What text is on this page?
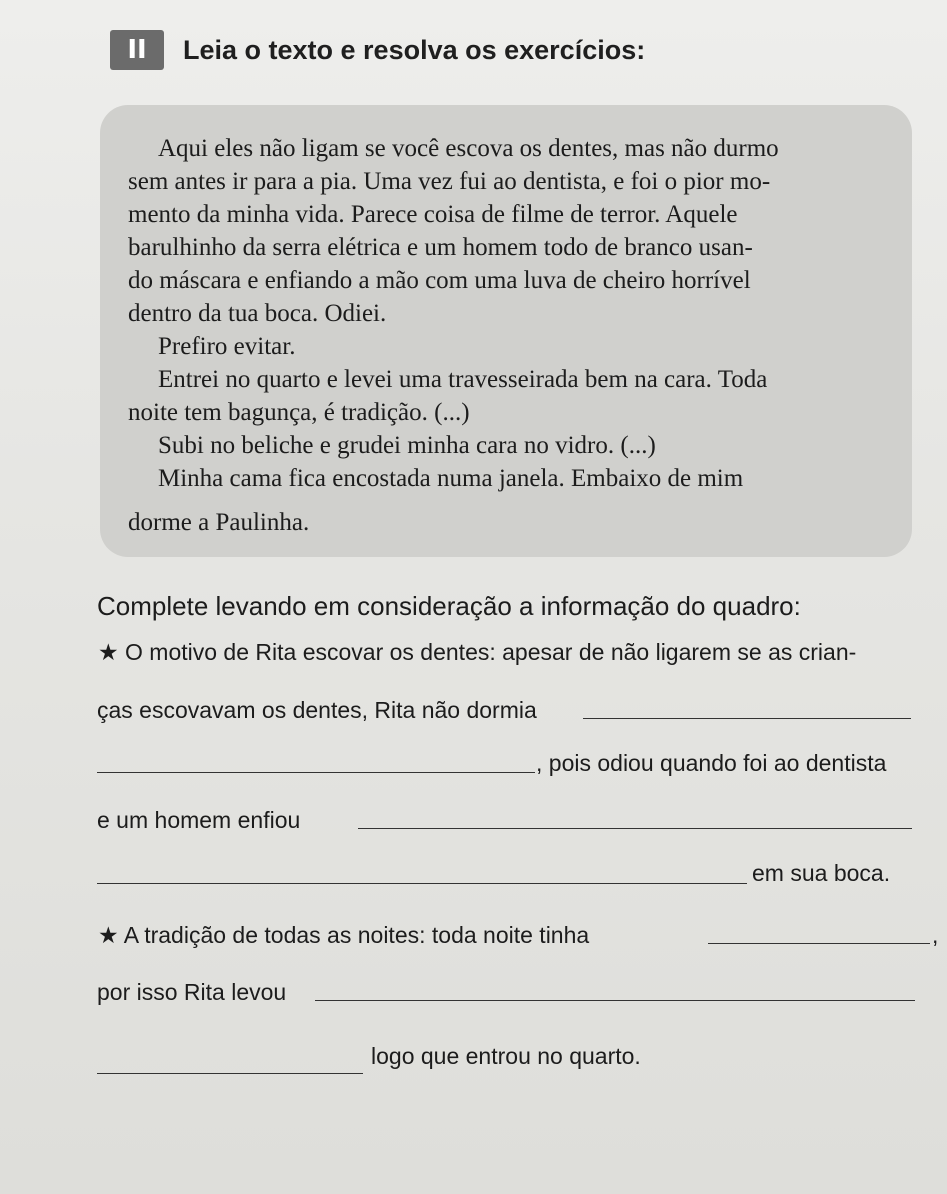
II	Leia o texto e resolva os exercícios:

Aqui eles não ligam se você escova os dentes, mas não durmo

sem antes ir para a pia. Uma vez fui ao dentista, e foi o pior mo-

mento da minha vida. Parece coisa de filme de terror. Aquele

barulhinho da serra elétrica e um homem todo de branco usan-

do máscara e enfiando a mão com uma luva de cheiro horrível

dentro da tua boca. Odiei.

Prefiro evitar.

Entrei no quarto e levei uma travesseirada bem na cara. Toda

noite tem bagunça, é tradição. (...)

Subi no beliche e grudei minha cara no vidro. (...)

Minha cama fica encostada numa janela. Embaixo de mim

dorme a Paulinha.

Complete levando em consideração a informação do quadro:
★ O motivo de Rita escovar os dentes: apesar de não ligarem se as crian-
ças escovavam os dentes, Rita não dormia
, pois odiou quando foi ao dentista
e um homem enfiou
em sua boca.
★ A tradição de todas as noites: toda noite tinha	,
por isso Rita levou
logo que entrou no quarto.
